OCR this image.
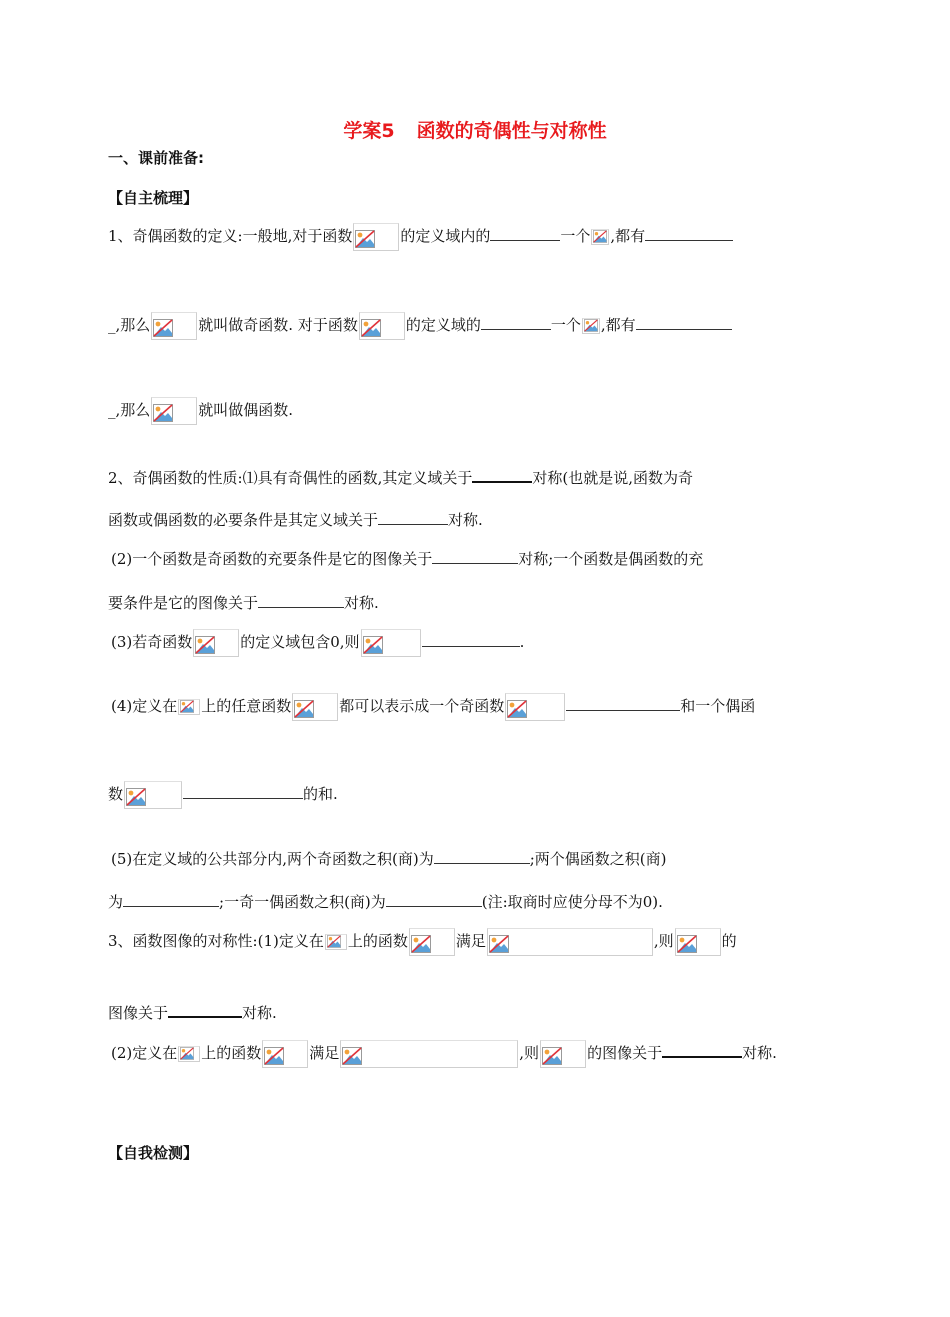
学案5 函数的奇偶性与对称性
一、课前准备:
【自主梳理】
1、奇偶函数的定义:一般地,对于函数	的定义域内的	一个 ,都有
_,那么	就叫做奇函数. 对于函数	的定义域的	一个 ,都有
_,那么	就叫做偶函数.
2、奇偶函数的性质:⑴具有奇偶性的函数,其定义域关于	对称(也就是说,函数为奇
函数或偶函数的必要条件是其定义域关于	对称.
(2)一个函数是奇函数的充要条件是它的图像关于	对称;一个函数是偶函数的充
要条件是它的图像关于	对称.
(3)若奇函数	的定义域包含0,则	.
(4)定义在 上的任意函数	都可以表示成一个奇函数	和一个偶函
数	的和.
(5)在定义域的公共部分内,两个奇函数之积(商)为	;两个偶函数之积(商)
为	;一奇一偶函数之积(商)为	(注:取商时应使分母不为0).
3、函数图像的对称性:(1)定义在 上的函数	满足	,则	的
图像关于	对称.
(2)定义在 上的函数	满足	,则	的图像关于	对称.
【自我检测】
